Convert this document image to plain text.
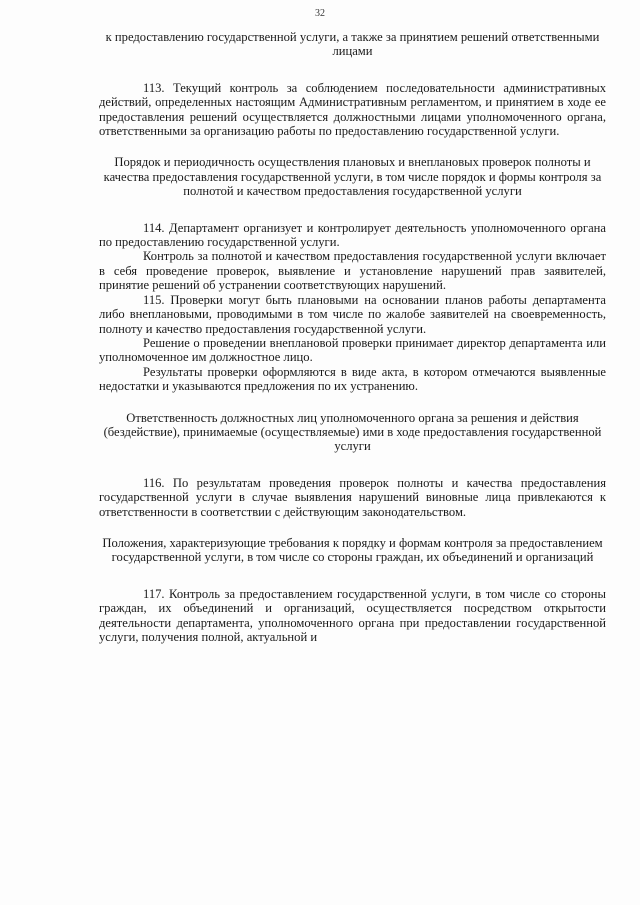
32

к предоставлению государственной услуги, а также за принятием решений ответственными лицами

113. Текущий контроль за соблюдением последовательности административных действий, определенных настоящим Административным регламентом, и принятием в ходе ее предоставления решений осуществляется должностными лицами уполномоченного органа, ответственными за организацию работы по предоставлению государственной услуги.

Порядок и периодичность осуществления плановых и внеплановых проверок полноты и качества предоставления государственной услуги, в том числе порядок и формы контроля за полнотой и качеством предоставления государственной услуги

114. Департамент организует и контролирует деятельность уполномоченного органа по предоставлению государственной услуги.

Контроль за полнотой и качеством предоставления государственной услуги включает в себя проведение проверок, выявление и установление нарушений прав заявителей, принятие решений об устранении соответствующих нарушений.

115. Проверки могут быть плановыми на основании планов работы департамента либо внеплановыми, проводимыми в том числе по жалобе заявителей на своевременность, полноту и качество предоставления государственной услуги.

Решение о проведении внеплановой проверки принимает директор департамента или уполномоченное им должностное лицо.

Результаты проверки оформляются в виде акта, в котором отмечаются выявленные недостатки и указываются предложения по их устранению.

Ответственность должностных лиц уполномоченного органа за решения и действия (бездействие), принимаемые (осуществляемые) ими в ходе предоставления государственной услуги

116. По результатам проведения проверок полноты и качества предоставления государственной услуги в случае выявления нарушений виновные лица привлекаются к ответственности в соответствии с действующим законодательством.

Положения, характеризующие требования к порядку и формам контроля за предоставлением государственной услуги, в том числе со стороны граждан, их объединений и организаций

117. Контроль за предоставлением государственной услуги, в том числе со стороны граждан, их объединений и организаций, осуществляется посредством открытости деятельности департамента, уполномоченного органа при предоставлении государственной услуги, получения полной, актуальной и
